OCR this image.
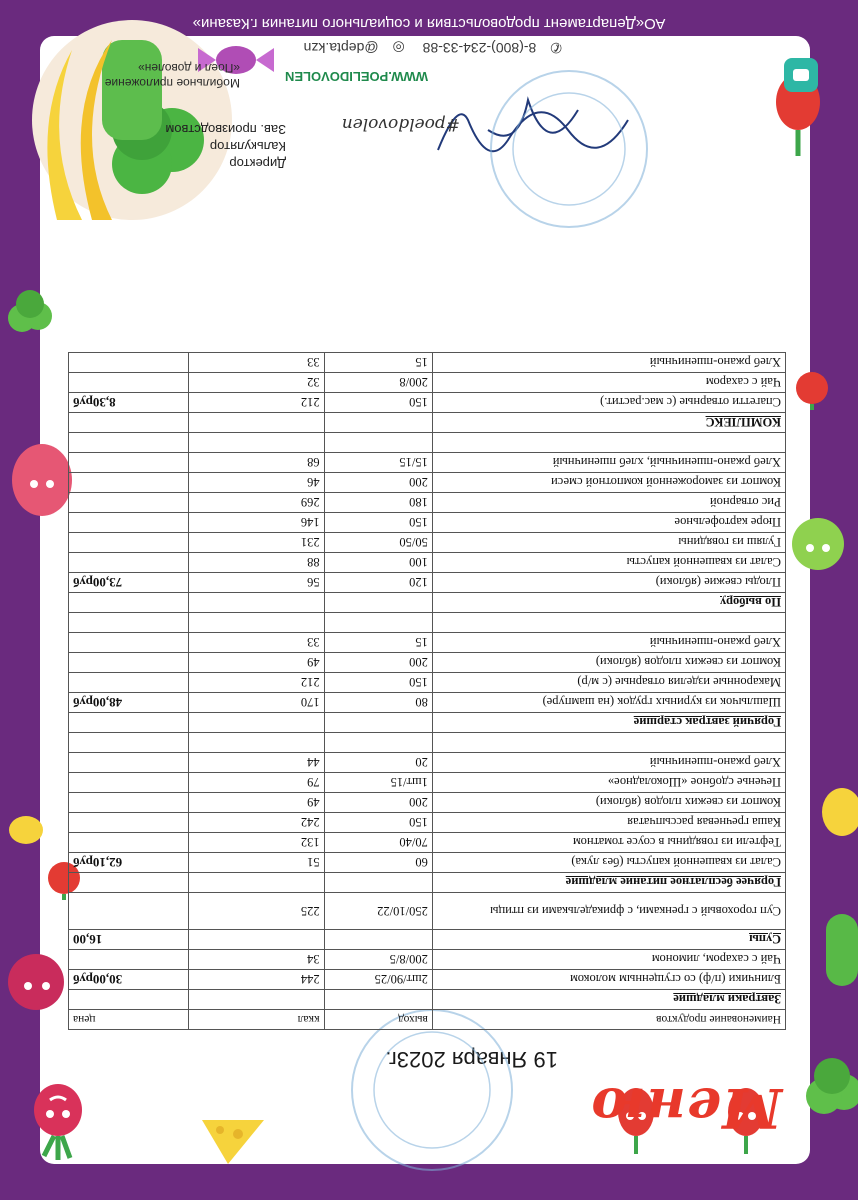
Меню
19 Января 2023г.
Наименование продуктов	выход	ккал	цена
Завтраки младшие			
Блинчики (п/ф) со сгущенным молоком	2шт/90/25	244	30,00руб
Чай с сахаром, лимоном	200/8/5	34	
Супы			16,00
Суп гороховый с гренками, с фрикадельками из птицы	250/10/22	225	
Горячее бесплатное питание младшие			
Салат из квашенной капусты (без лука)	60	51	62,10руб
Тефтели из говядины в соусе томатном	70/40	132	
Каша гречневая рассыпчатая	150	242	
Компот из свежих плодов (яблоки)	200	49	
Печенье сдобное «Шоколадное»	1шт/15	79	
Хлеб ржано-пшеничный	20	44	

Горячий завтрак старшие			
Шашлычок из куриных грудок (на шампуре)	80	170	48,00руб
Макаронные изделия отварные (с м/р)	150	212	
Компот из свежих плодов (яблоки)	200	49	
Хлеб ржано-пшеничный	15	33	

По выбору			
Плоды свежие (яблоки)	120	56	73,00руб
Салат из квашенной капусты	100	88	
Гуляш из говядины	50/50	231	
Пюре картофельное	150	146	
Рис отварной	180	269	
Компот из замороженной компотной смеси	200	46	
Хлеб ржано-пшеничный, хлеб пшеничный	15/15	68	

КОМПЛЕКС			
Спагетти отварные (с мас.растит.)	150	212	8,30руб
Чай с сахаром	200/8	32	
Хлеб ржано-пшеничный	15	33	
Директор
Калькулятор
Зав. производством	#poeldovolen
Мобильное приложение
«Поел и доволен»
WWW.POELIDOVOLEN
✆8-(800)-234-33-88 ◎@depta.kzn
АО«Департамент продовольствия и социального питания г.Казани»
